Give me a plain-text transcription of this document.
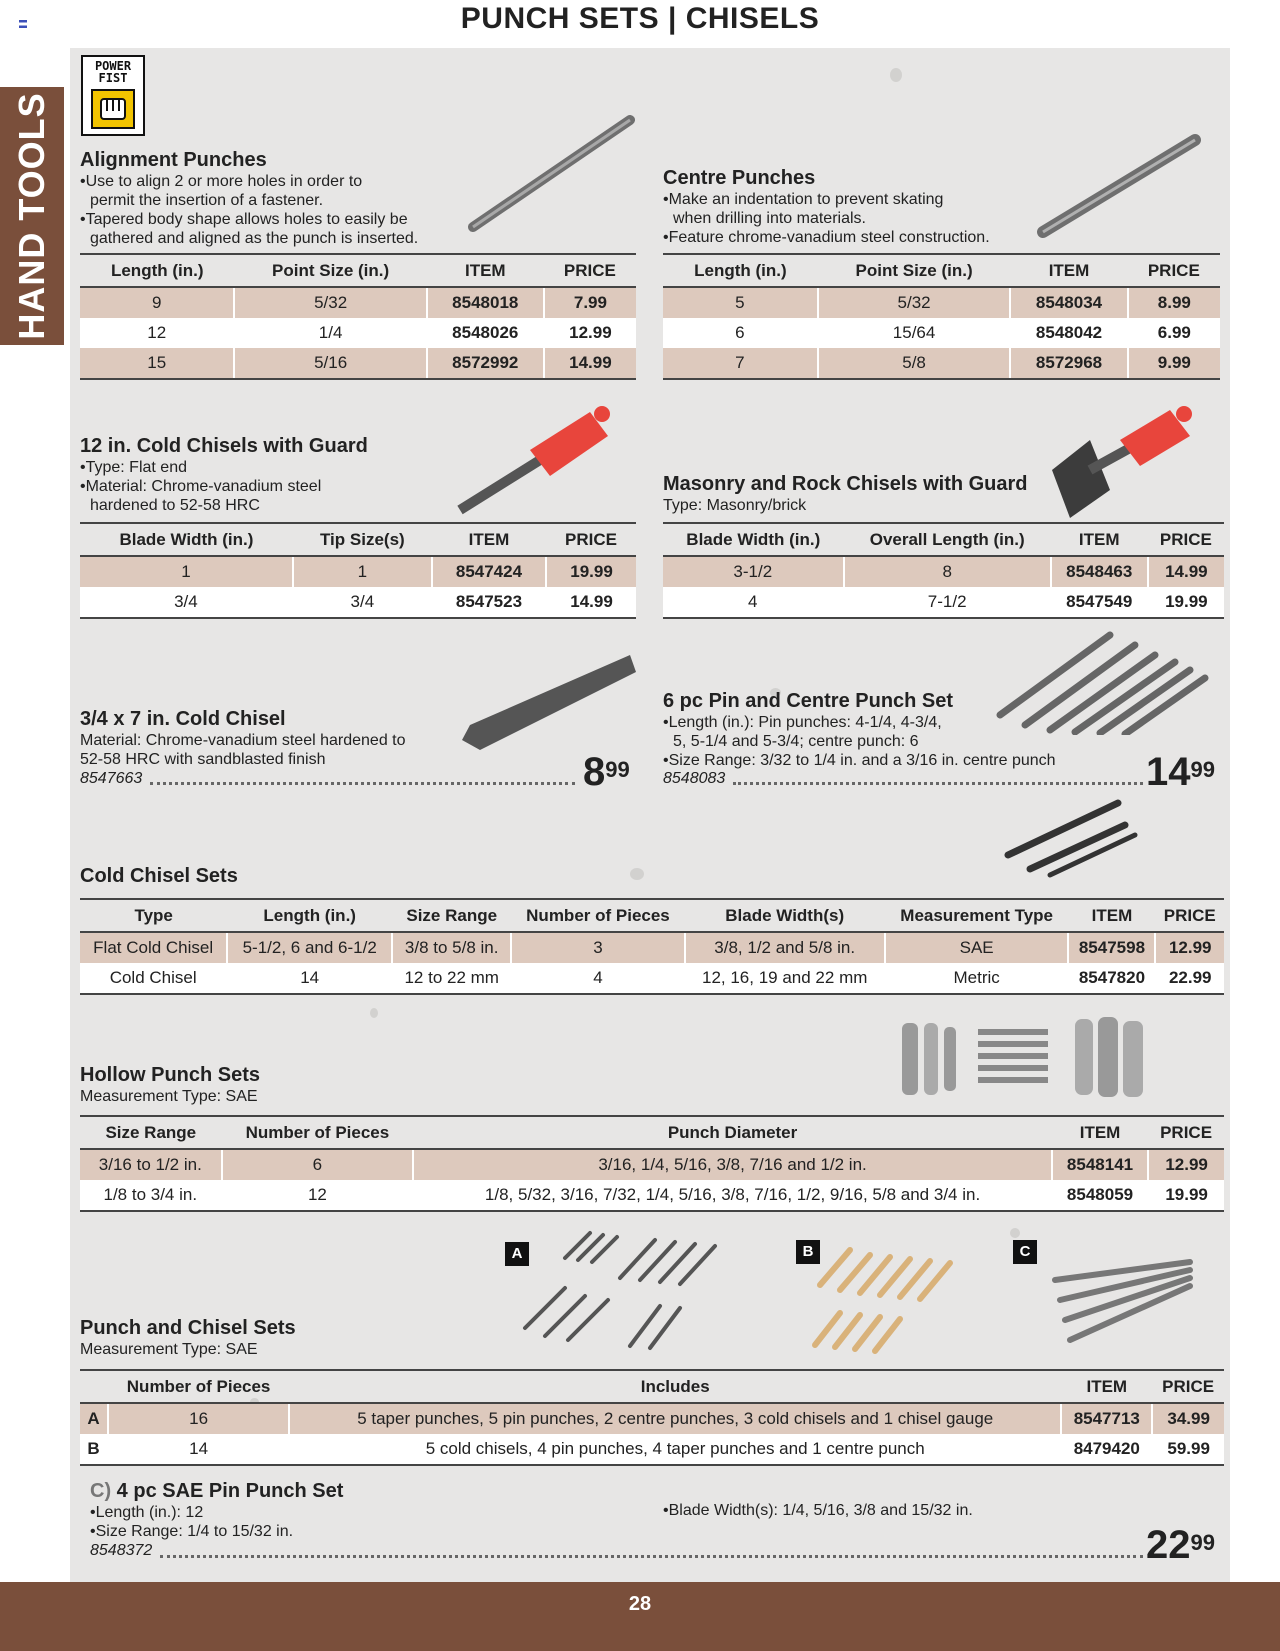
PUNCH SETS | CHISELS
HAND TOOLS
POWER
FIST
Alignment Punches
•Use to align 2 or more holes in order to
permit the insertion of a fastener.
•Tapered body shape allows holes to easily be
gathered and aligned as the punch is inserted.
Length (in.)	Point Size (in.)	ITEM	PRICE
9	5/32	8548018	7.99
12	1/4	8548026	12.99
15	5/16	8572992	14.99
Centre Punches
•Make an indentation to prevent skating
when drilling into materials.
•Feature chrome-vanadium steel construction.
Length (in.)	Point Size (in.)	ITEM	PRICE
5	5/32	8548034	8.99
6	15/64	8548042	6.99
7	5/8	8572968	9.99
12 in. Cold Chisels with Guard
•Type: Flat end
•Material: Chrome-vanadium steel
hardened to 52-58 HRC
Blade Width (in.)	Tip Size(s)	ITEM	PRICE
1	1	8547424	19.99
3/4	3/4	8547523	14.99
Masonry and Rock Chisels with Guard
Type: Masonry/brick
Blade Width (in.)	Overall Length (in.)	ITEM	PRICE
3-1/2	8	8548463	14.99
4	7-1/2	8547549	19.99
3/4 x 7 in. Cold Chisel
Material: Chrome-vanadium steel hardened to
52-58 HRC with sandblasted finish
8547663	$8^{99}$
6 pc Pin and Centre Punch Set
•Length (in.): Pin punches: 4-1/4, 4-3/4,
5, 5-1/4 and 5-3/4; centre punch: 6
•Size Range: 3/32 to 1/4 in. and a 3/16 in. centre punch
8548083	$14^{99}$
Cold Chisel Sets
Type	Length (in.)	Size Range	Number of Pieces	Blade Width(s)	Measurement Type	ITEM	PRICE
Flat Cold Chisel	5-1/2, 6 and 6-1/2	3/8 to 5/8 in.	3	3/8, 1/2 and 5/8 in.	SAE	8547598	12.99
Cold Chisel	14	12 to 22 mm	4	12, 16, 19 and 22 mm	Metric	8547820	22.99
Hollow Punch Sets
Measurement Type: SAE
Size Range	Number of Pieces	Punch Diameter	ITEM	PRICE
3/16 to 1/2 in.	6	3/16, 1/4, 5/16, 3/8, 7/16 and 1/2 in.	8548141	12.99
1/8 to 3/4 in.	12	1/8, 5/32, 3/16, 7/32, 1/4, 5/16, 3/8, 7/16, 1/2, 9/16, 5/8 and 3/4 in.	8548059	19.99
A	B	C
Punch and Chisel Sets
Measurement Type: SAE
	Number of Pieces	Includes	ITEM	PRICE
A	16	5 taper punches, 5 pin punches, 2 centre punches, 3 cold chisels and 1 chisel gauge	8547713	34.99
B	14	5 cold chisels, 4 pin punches, 4 taper punches and 1 centre punch	8479420	59.99
C) 4 pc SAE Pin Punch Set
•Length (in.): 12
•Size Range: 1/4 to 15/32 in.
•Blade Width(s): 1/4, 5/16, 3/8 and 15/32 in.
8548372	$22^{99}$
28
